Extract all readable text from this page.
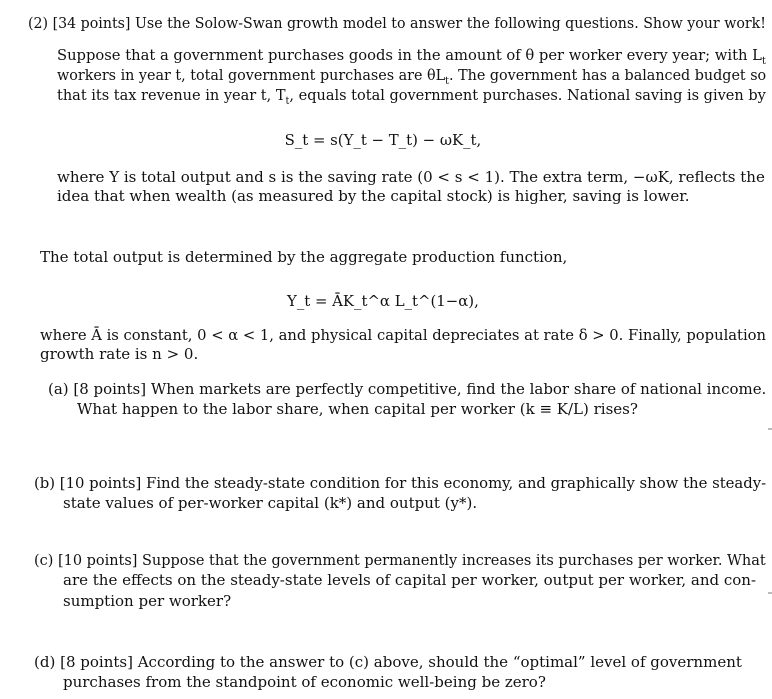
(2) [34 points] Use the Solow-Swan growth model to answer the following questions. Show your work!
Suppose that a government purchases goods in the amount of θ per worker every year; with $L_t$
workers in year t, total government purchases are $\theta L_t$. The government has a balanced budget so
that its tax revenue in year t, $T_t$, equals total government purchases. National saving is given by
S_t = s(Y_t − T_t) − ωK_t,
where Y is total output and s is the saving rate (0 < s < 1). The extra term, −ωK, reflects the
idea that when wealth (as measured by the capital stock) is higher, saving is lower.
The total output is determined by the aggregate production function,
Y_t = ĀK_t^α L_t^(1−α),
where Ā is constant, 0 < α < 1, and physical capital depreciates at rate δ > 0. Finally, population
growth rate is n > 0.
(a) [8 points] When markets are perfectly competitive, find the labor share of national income.
What happen to the labor share, when capital per worker (k ≡ K/L) rises?
(b) [10 points] Find the steady-state condition for this economy, and graphically show the steady-
state values of per-worker capital (k*) and output (y*).
(c) [10 points] Suppose that the government permanently increases its purchases per worker. What
are the effects on the steady-state levels of capital per worker, output per worker, and con-
sumption per worker?
(d) [8 points] According to the answer to (c) above, should the “optimal” level of government
purchases from the standpoint of economic well-being be zero?
